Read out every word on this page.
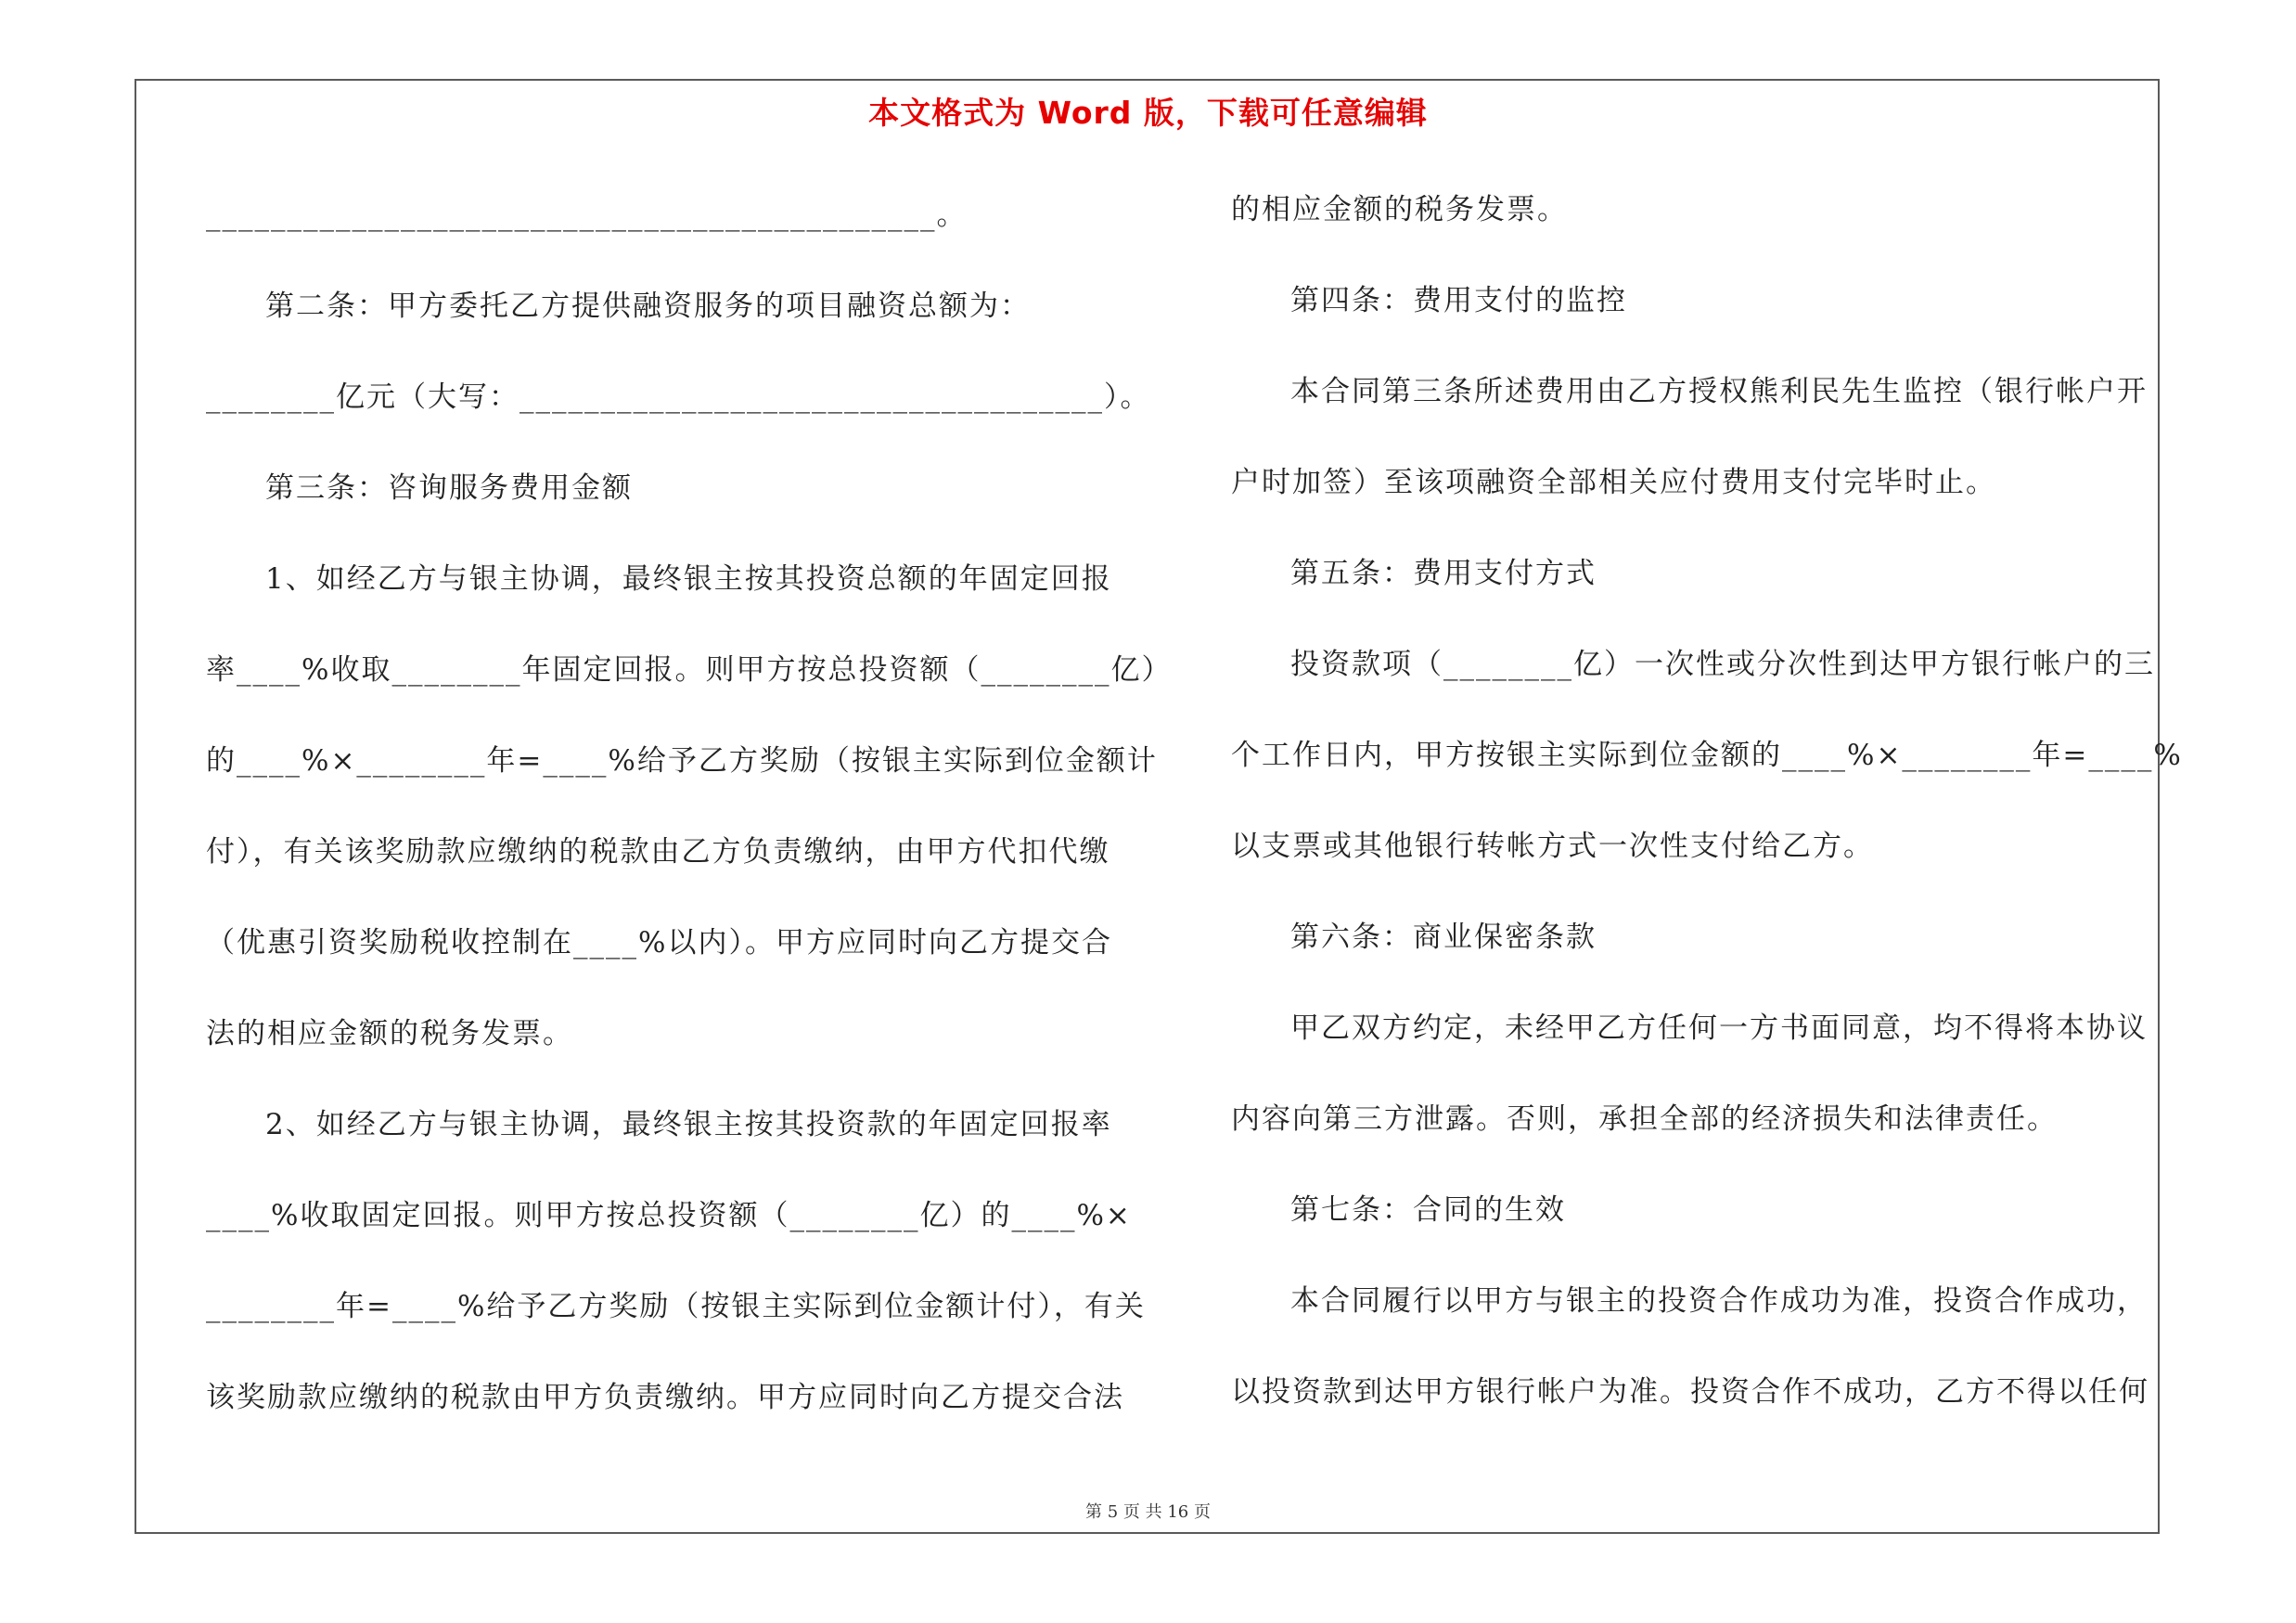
本文格式为 Word 版，下载可任意编辑
_____________________________________________。
第二条：甲方委托乙方提供融资服务的项目融资总额为：
________亿元（大写：____________________________________）。
第三条：咨询服务费用金额
1、如经乙方与银主协调，最终银主按其投资总额的年固定回报
率____%收取________年固定回报。则甲方按总投资额（________亿）
的____%×________年=____%给予乙方奖励（按银主实际到位金额计
付），有关该奖励款应缴纳的税款由乙方负责缴纳，由甲方代扣代缴
（优惠引资奖励税收控制在____%以内）。甲方应同时向乙方提交合
法的相应金额的税务发票。
2、如经乙方与银主协调，最终银主按其投资款的年固定回报率
____%收取固定回报。则甲方按总投资额（________亿）的____%×
________年=____%给予乙方奖励（按银主实际到位金额计付），有关
该奖励款应缴纳的税款由甲方负责缴纳。甲方应同时向乙方提交合法
的相应金额的税务发票。
第四条：费用支付的监控
本合同第三条所述费用由乙方授权熊利民先生监控（银行帐户开
户时加签）至该项融资全部相关应付费用支付完毕时止。
第五条：费用支付方式
投资款项（________亿）一次性或分次性到达甲方银行帐户的三
个工作日内，甲方按银主实际到位金额的____%×________年=____%
以支票或其他银行转帐方式一次性支付给乙方。
第六条：商业保密条款
甲乙双方约定，未经甲乙方任何一方书面同意，均不得将本协议
内容向第三方泄露。否则，承担全部的经济损失和法律责任。
第七条：合同的生效
本合同履行以甲方与银主的投资合作成功为准，投资合作成功，
以投资款到达甲方银行帐户为准。投资合作不成功，乙方不得以任何
第 5 页 共 16 页
